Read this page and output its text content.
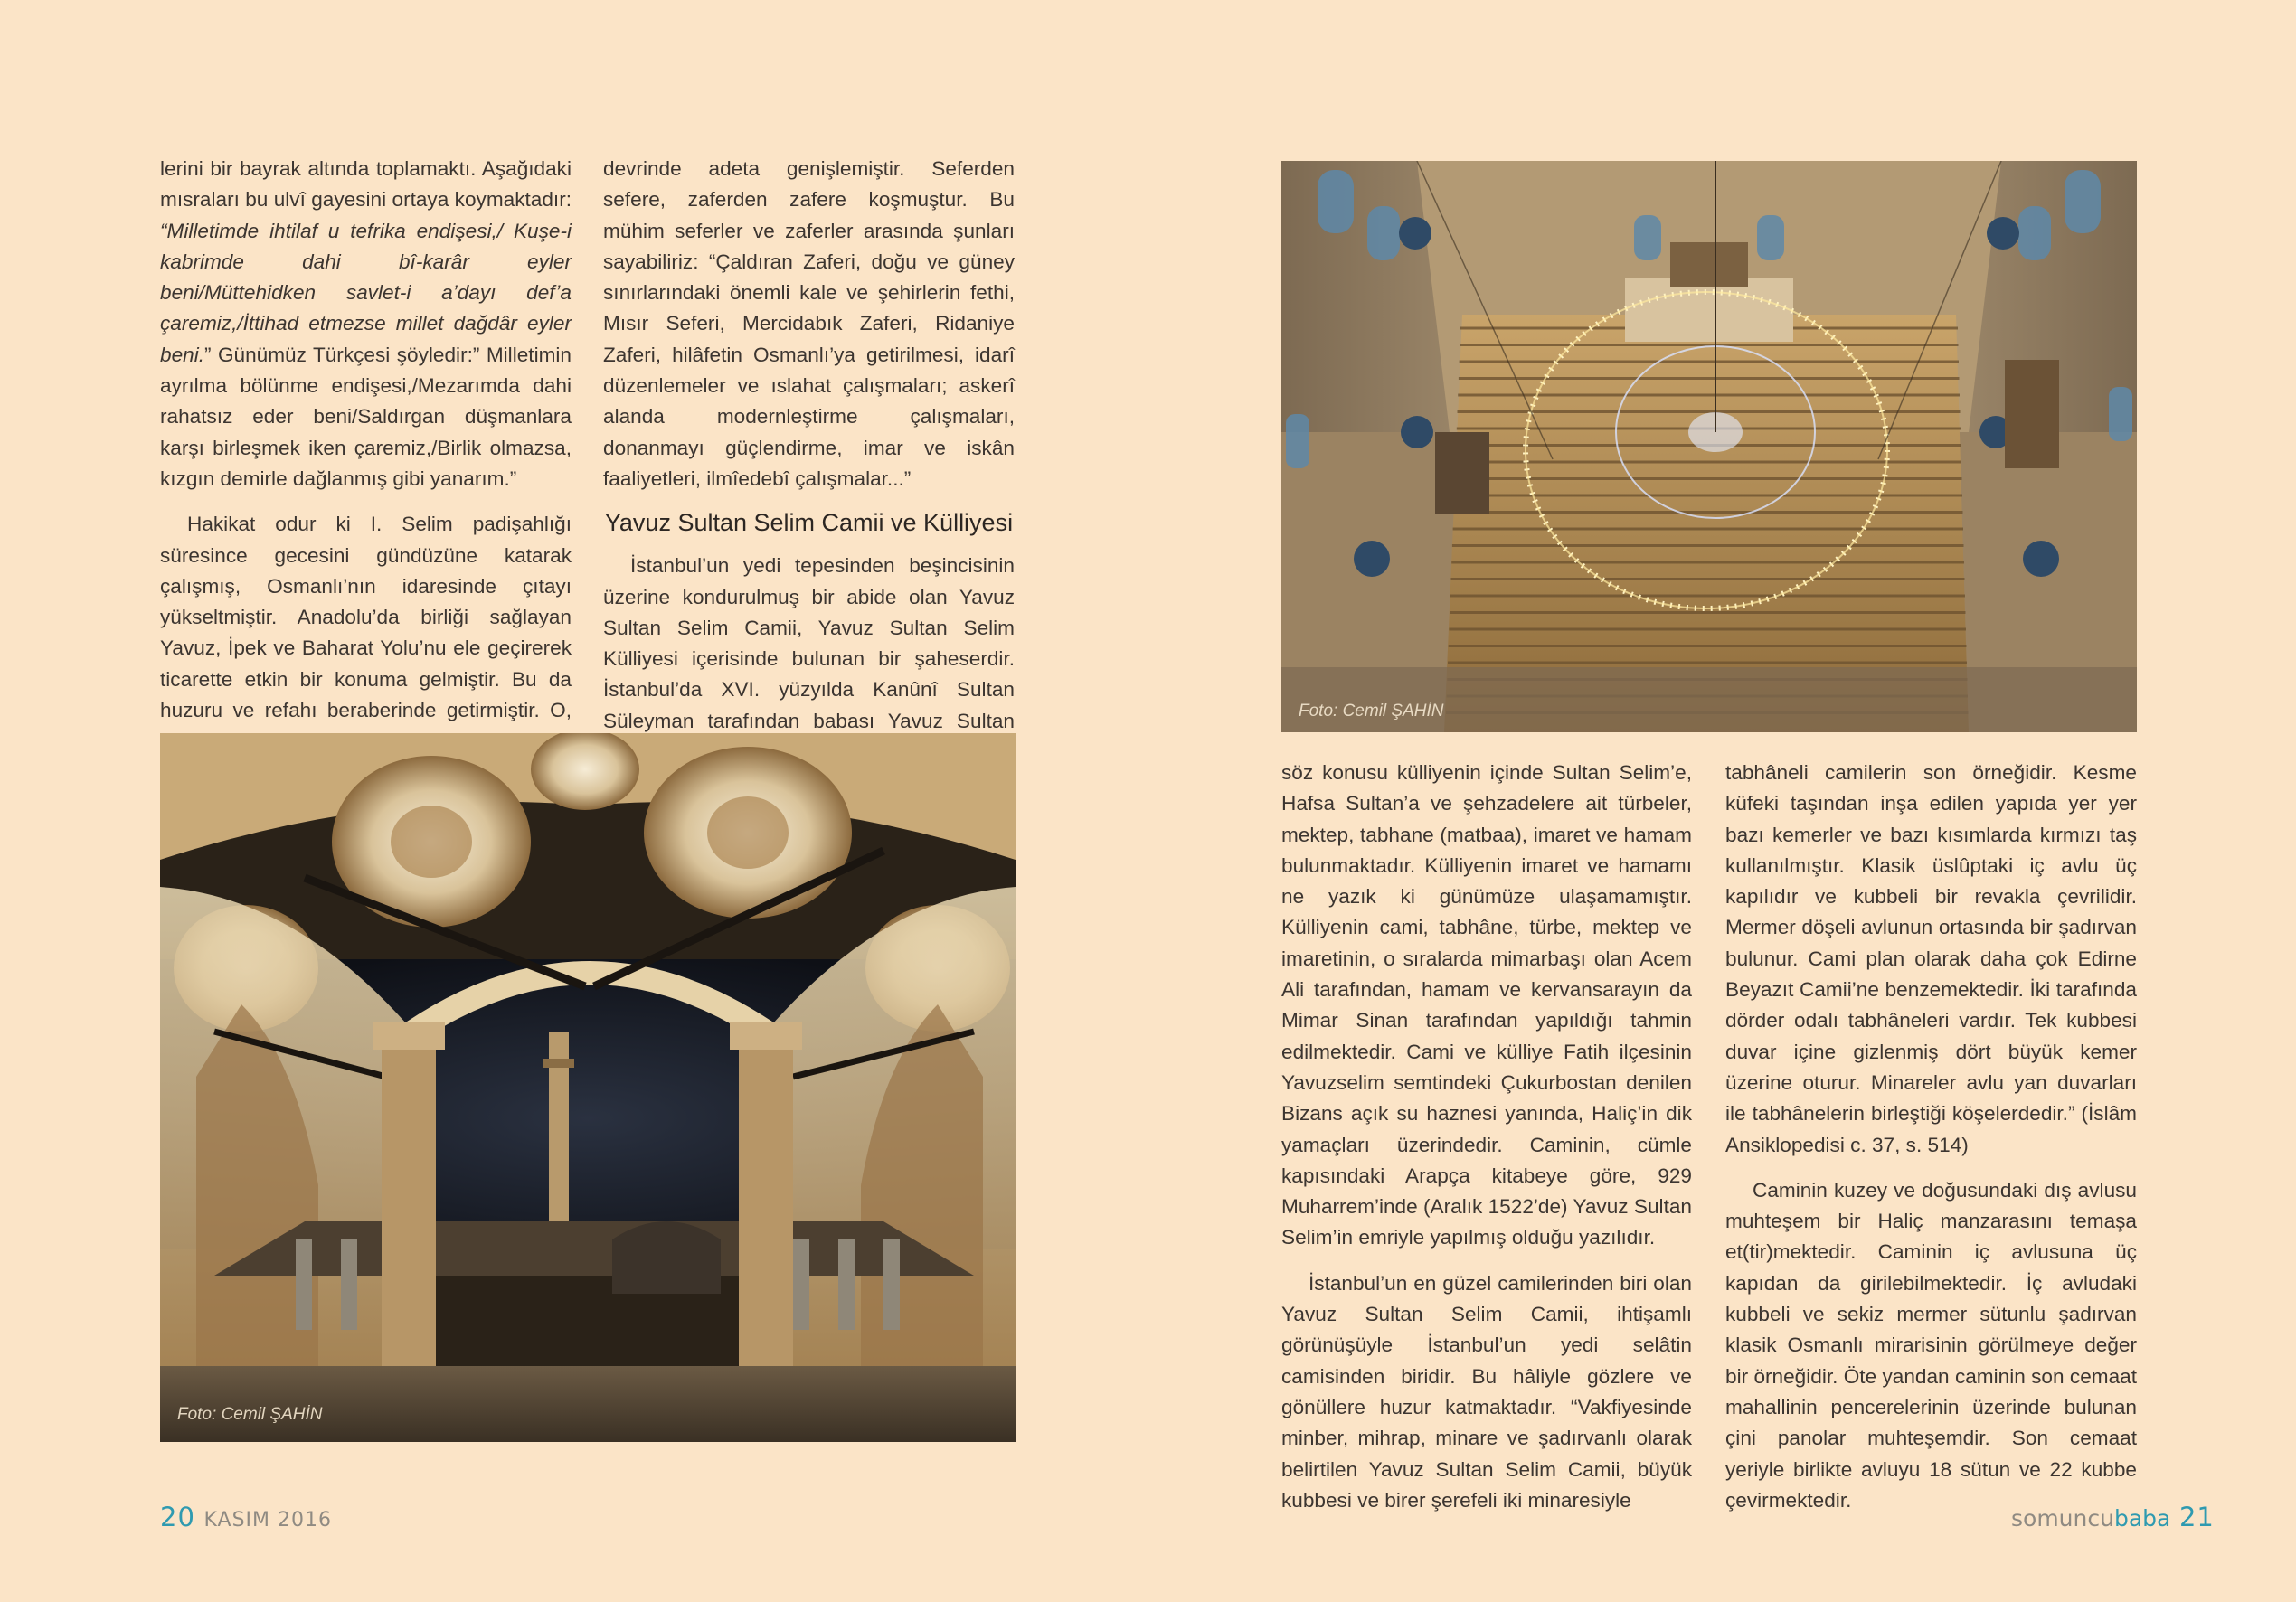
lerini bir bayrak altında toplamaktı. Aşağıdaki mısraları bu ulvî gayesini ortaya koymaktadır: “Milletimde ihtilaf u tefrika endişesi,/ Kuşe-i kabrimde dahi bî-karâr eyler beni/Müttehidken savlet-i a’dayı def’a çaremiz,/İttihad etmezse millet dağdâr eyler beni.” Günümüz Türkçesi şöyledir:” Milletimin ayrılma bölünme endişesi,/Mezarımda dahi rahatsız eder beni/Saldırgan düşmanlara karşı birleşmek iken çaremiz,/Birlik olmazsa, kızgın demirle dağlanmış gibi yanarım.”

Hakikat odur ki I. Selim padişahlığı süresince gecesini gündüzüne katarak çalışmış, Osmanlı’nın idaresinde çıtayı yükseltmiştir. Anadolu’da birliği sağlayan Yavuz, İpek ve Baharat Yolu’nu ele geçirerek ticarette etkin bir konuma gelmiştir. Bu da huzuru ve refahı beraberinde getirmiştir. O,

devrinde adeta genişlemiştir. Seferden sefere, zaferden zafere koşmuştur. Bu mühim seferler ve zaferler arasında şunları sayabiliriz: “Çaldıran Zaferi, doğu ve güney sınırlarındaki önemli kale ve şehirlerin fethi, Mısır Seferi, Mercidabık Zaferi, Ridaniye Zaferi, hilâfetin Osmanlı’ya getirilmesi, idarî düzenlemeler ve ıslahat çalışmaları; askerî alanda modernleştirme çalışmaları, donanmayı güçlendirme, imar ve iskân faaliyetleri, ilmîedebî çalışmalar...”

Yavuz Sultan Selim Camii ve Külliyesi

İstanbul’un yedi tepesinden beşincisinin üzerine kondurulmuş bir abide olan Yavuz Sultan Selim Camii, Yavuz Sultan Selim Külliyesi içerisinde bulunan bir şaheserdir. İstanbul’da XVI. yüzyılda Kanûnî Sultan Süleyman tarafından babası Yavuz Sultan

Foto: Cemil ŞAHİN
20 KASIM 2016
Foto: Cemil ŞAHİN

söz konusu külliyenin içinde Sultan Selim’e, Hafsa Sultan’a ve şehzadelere ait türbeler, mektep, tabhane (matbaa), imaret ve hamam bulunmaktadır. Külliyenin imaret ve hamamı ne yazık ki günümüze ulaşamamıştır. Külliyenin cami, tabhâne, türbe, mektep ve imaretinin, o sıralarda mimarbaşı olan Acem Ali tarafından, hamam ve kervansarayın da Mimar Sinan tarafından yapıldığı tahmin edilmektedir. Cami ve külliye Fatih ilçesinin Yavuzselim semtindeki Çukurbostan denilen Bizans açık su haznesi yanında, Haliç’in dik yamaçları üzerindedir. Caminin, cümle kapısındaki Arapça kitabeye göre, 929 Muharrem’inde (Aralık 1522’de) Yavuz Sultan Selim’in emriyle yapılmış olduğu yazılıdır.

İstanbul’un en güzel camilerinden biri olan Yavuz Sultan Selim Camii, ihtişamlı görünüşüyle İstanbul’un yedi selâtin camisinden biridir. Bu hâliyle gözlere ve gönüllere huzur katmaktadır. “Vakfiyesinde minber, mihrap, minare ve şadırvanlı olarak belirtilen Yavuz Sultan Selim Camii, büyük kubbesi ve birer şerefeli iki minaresiyle

tabhâneli camilerin son örneğidir. Kesme küfeki taşından inşa edilen yapıda yer yer bazı kemerler ve bazı kısımlarda kırmızı taş kullanılmıştır. Klasik üslûptaki iç avlu üç kapılıdır ve kubbeli bir revakla çevrilidir. Mermer döşeli avlunun ortasında bir şadırvan bulunur. Cami plan olarak daha çok Edirne Beyazıt Camii’ne benzemektedir. İki tarafında dörder odalı tabhâneleri vardır. Tek kubbesi duvar içine gizlenmiş dört büyük kemer üzerine oturur. Minareler avlu yan duvarları ile tabhânelerin birleştiği köşelerdedir.” (İslâm Ansiklopedisi c. 37, s. 514)

Caminin kuzey ve doğusundaki dış avlusu muhteşem bir Haliç manzarasını temaşa et(tir)mektedir. Caminin iç avlusuna üç kapıdan da girilebilmektedir. İç avludaki kubbeli ve sekiz mermer sütunlu şadırvan klasik Osmanlı mirarisinin görülmeye değer bir örneğidir. Öte yandan caminin son cemaat mahallinin pencerelerinin üzerinde bulunan çini panolar muhteşemdir. Son cemaat yeriyle birlikte avluyu 18 sütun ve 22 kubbe çevirmektedir.

somuncubaba 21
